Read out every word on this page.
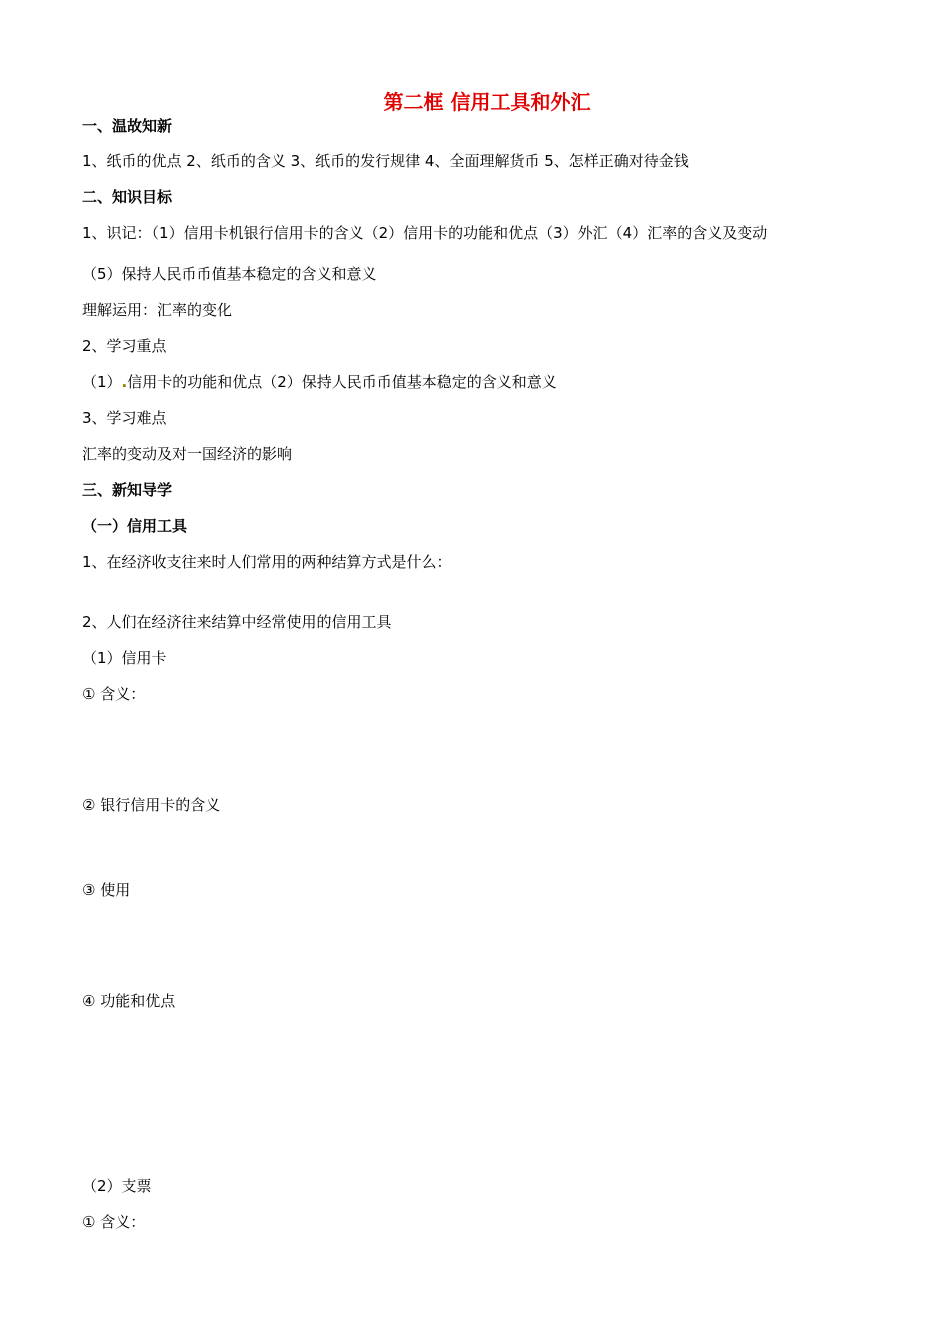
第二框 信用工具和外汇
一、温故知新
1、纸币的优点 2、纸币的含义 3、纸币的发行规律 4、全面理解货币 5、怎样正确对待金钱
二、知识目标
1、识记：（1）信用卡机银行信用卡的含义（2）信用卡的功能和优点（3）外汇（4）汇率的含义及变动
（5）保持人民币币值基本稳定的含义和意义
理解运用：汇率的变化
2、学习重点
（1）.信用卡的功能和优点（2）保持人民币币值基本稳定的含义和意义
3、学习难点
汇率的变动及对一国经济的影响
三、新知导学
（一）信用工具
1、在经济收支往来时人们常用的两种结算方式是什么：
2、人们在经济往来结算中经常使用的信用工具
（1）信用卡
① 含义：
② 银行信用卡的含义
③ 使用
④ 功能和优点
（2）支票
① 含义：
